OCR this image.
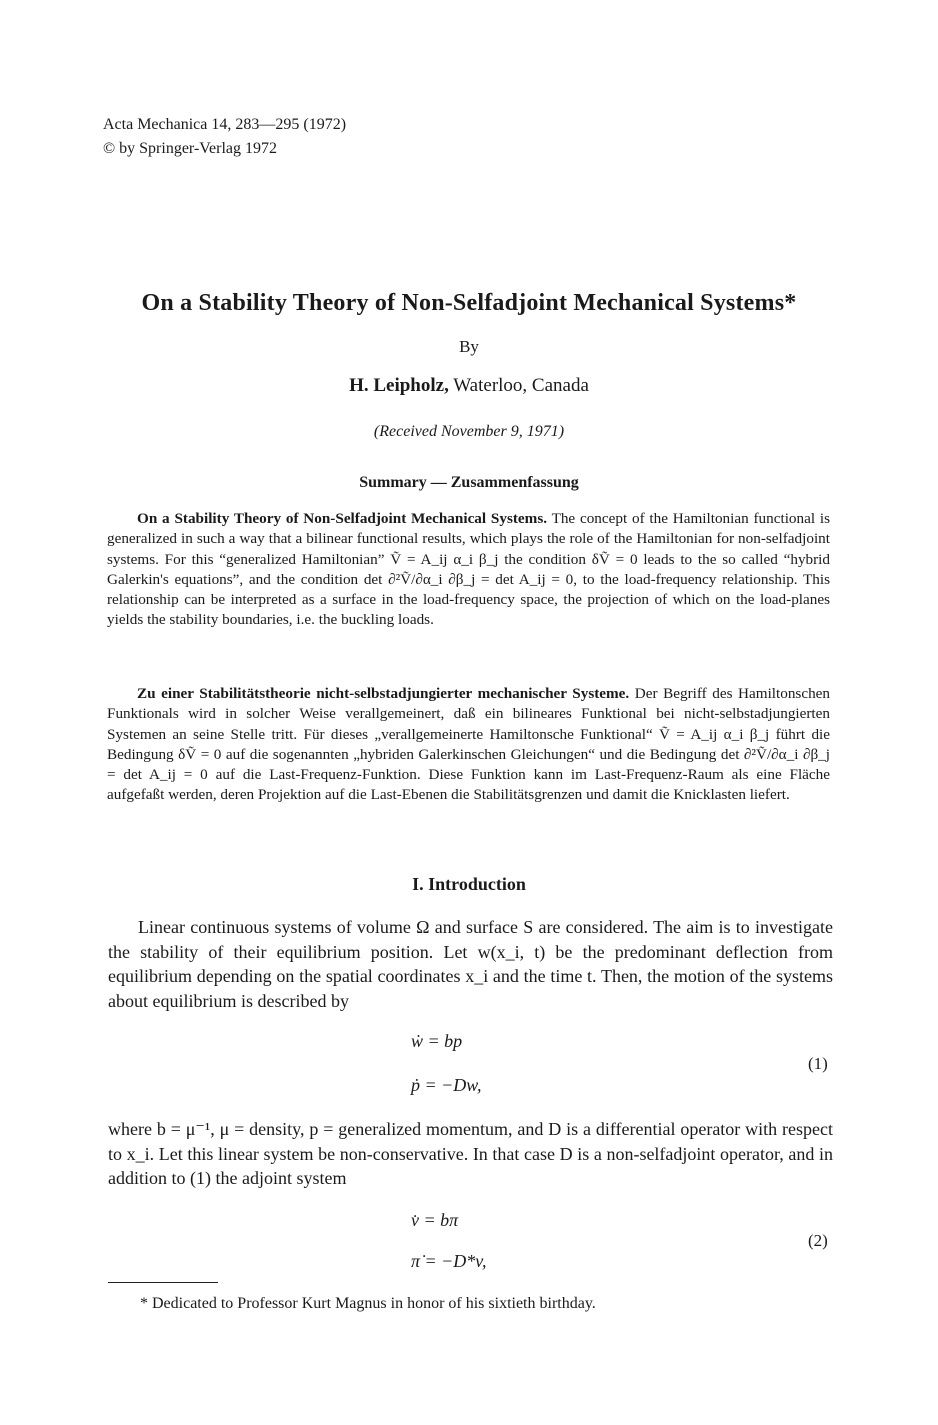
Acta Mechanica 14, 283—295 (1972)
© by Springer-Verlag 1972
On a Stability Theory of Non-Selfadjoint Mechanical Systems*
By
H. Leipholz, Waterloo, Canada
(Received November 9, 1971)
Summary — Zusammenfassung
On a Stability Theory of Non-Selfadjoint Mechanical Systems. The concept of the Hamiltonian functional is generalized in such a way that a bilinear functional results, which plays the role of the Hamiltonian for non-selfadjoint systems. For this “generalized Hamiltonian” Ṽ = A_ij α_i β_j the condition δṼ = 0 leads to the so called “hybrid Galerkin's equations”, and the condition det ∂²Ṽ/∂α_i ∂β_j = det A_ij = 0, to the load-frequency relationship. This relationship can be interpreted as a surface in the load-frequency space, the projection of which on the load-planes yields the stability boundaries, i.e. the buckling loads.
Zu einer Stabilitätstheorie nicht-selbstadjungierter mechanischer Systeme. Der Begriff des Hamiltonschen Funktionals wird in solcher Weise verallgemeinert, daß ein bilineares Funktional bei nicht-selbstadjungierten Systemen an seine Stelle tritt. Für dieses „verallgemeinerte Hamiltonsche Funktional“ Ṽ = A_ij α_i β_j führt die Bedingung δṼ = 0 auf die sogenannten „hybriden Galerkinschen Gleichungen“ und die Bedingung det ∂²Ṽ/∂α_i ∂β_j = det A_ij = 0 auf die Last-Frequenz-Funktion. Diese Funktion kann im Last-Frequenz-Raum als eine Fläche aufgefaßt werden, deren Projektion auf die Last-Ebenen die Stabilitätsgrenzen und damit die Knicklasten liefert.
I. Introduction
Linear continuous systems of volume Ω and surface S are considered. The aim is to investigate the stability of their equilibrium position. Let w(x_i, t) be the predominant deflection from equilibrium depending on the spatial coordinates x_i and the time t. Then, the motion of the systems about equilibrium is described by
ẇ = bp
ṗ = −Dw,
(1)
where b = μ⁻¹, μ = density, p = generalized momentum, and D is a differential operator with respect to x_i. Let this linear system be non-conservative. In that case D is a non-selfadjoint operator, and in addition to (1) the adjoint system
v̇ = bπ
π̇ = −D*v,
(2)
* Dedicated to Professor Kurt Magnus in honor of his sixtieth birthday.
